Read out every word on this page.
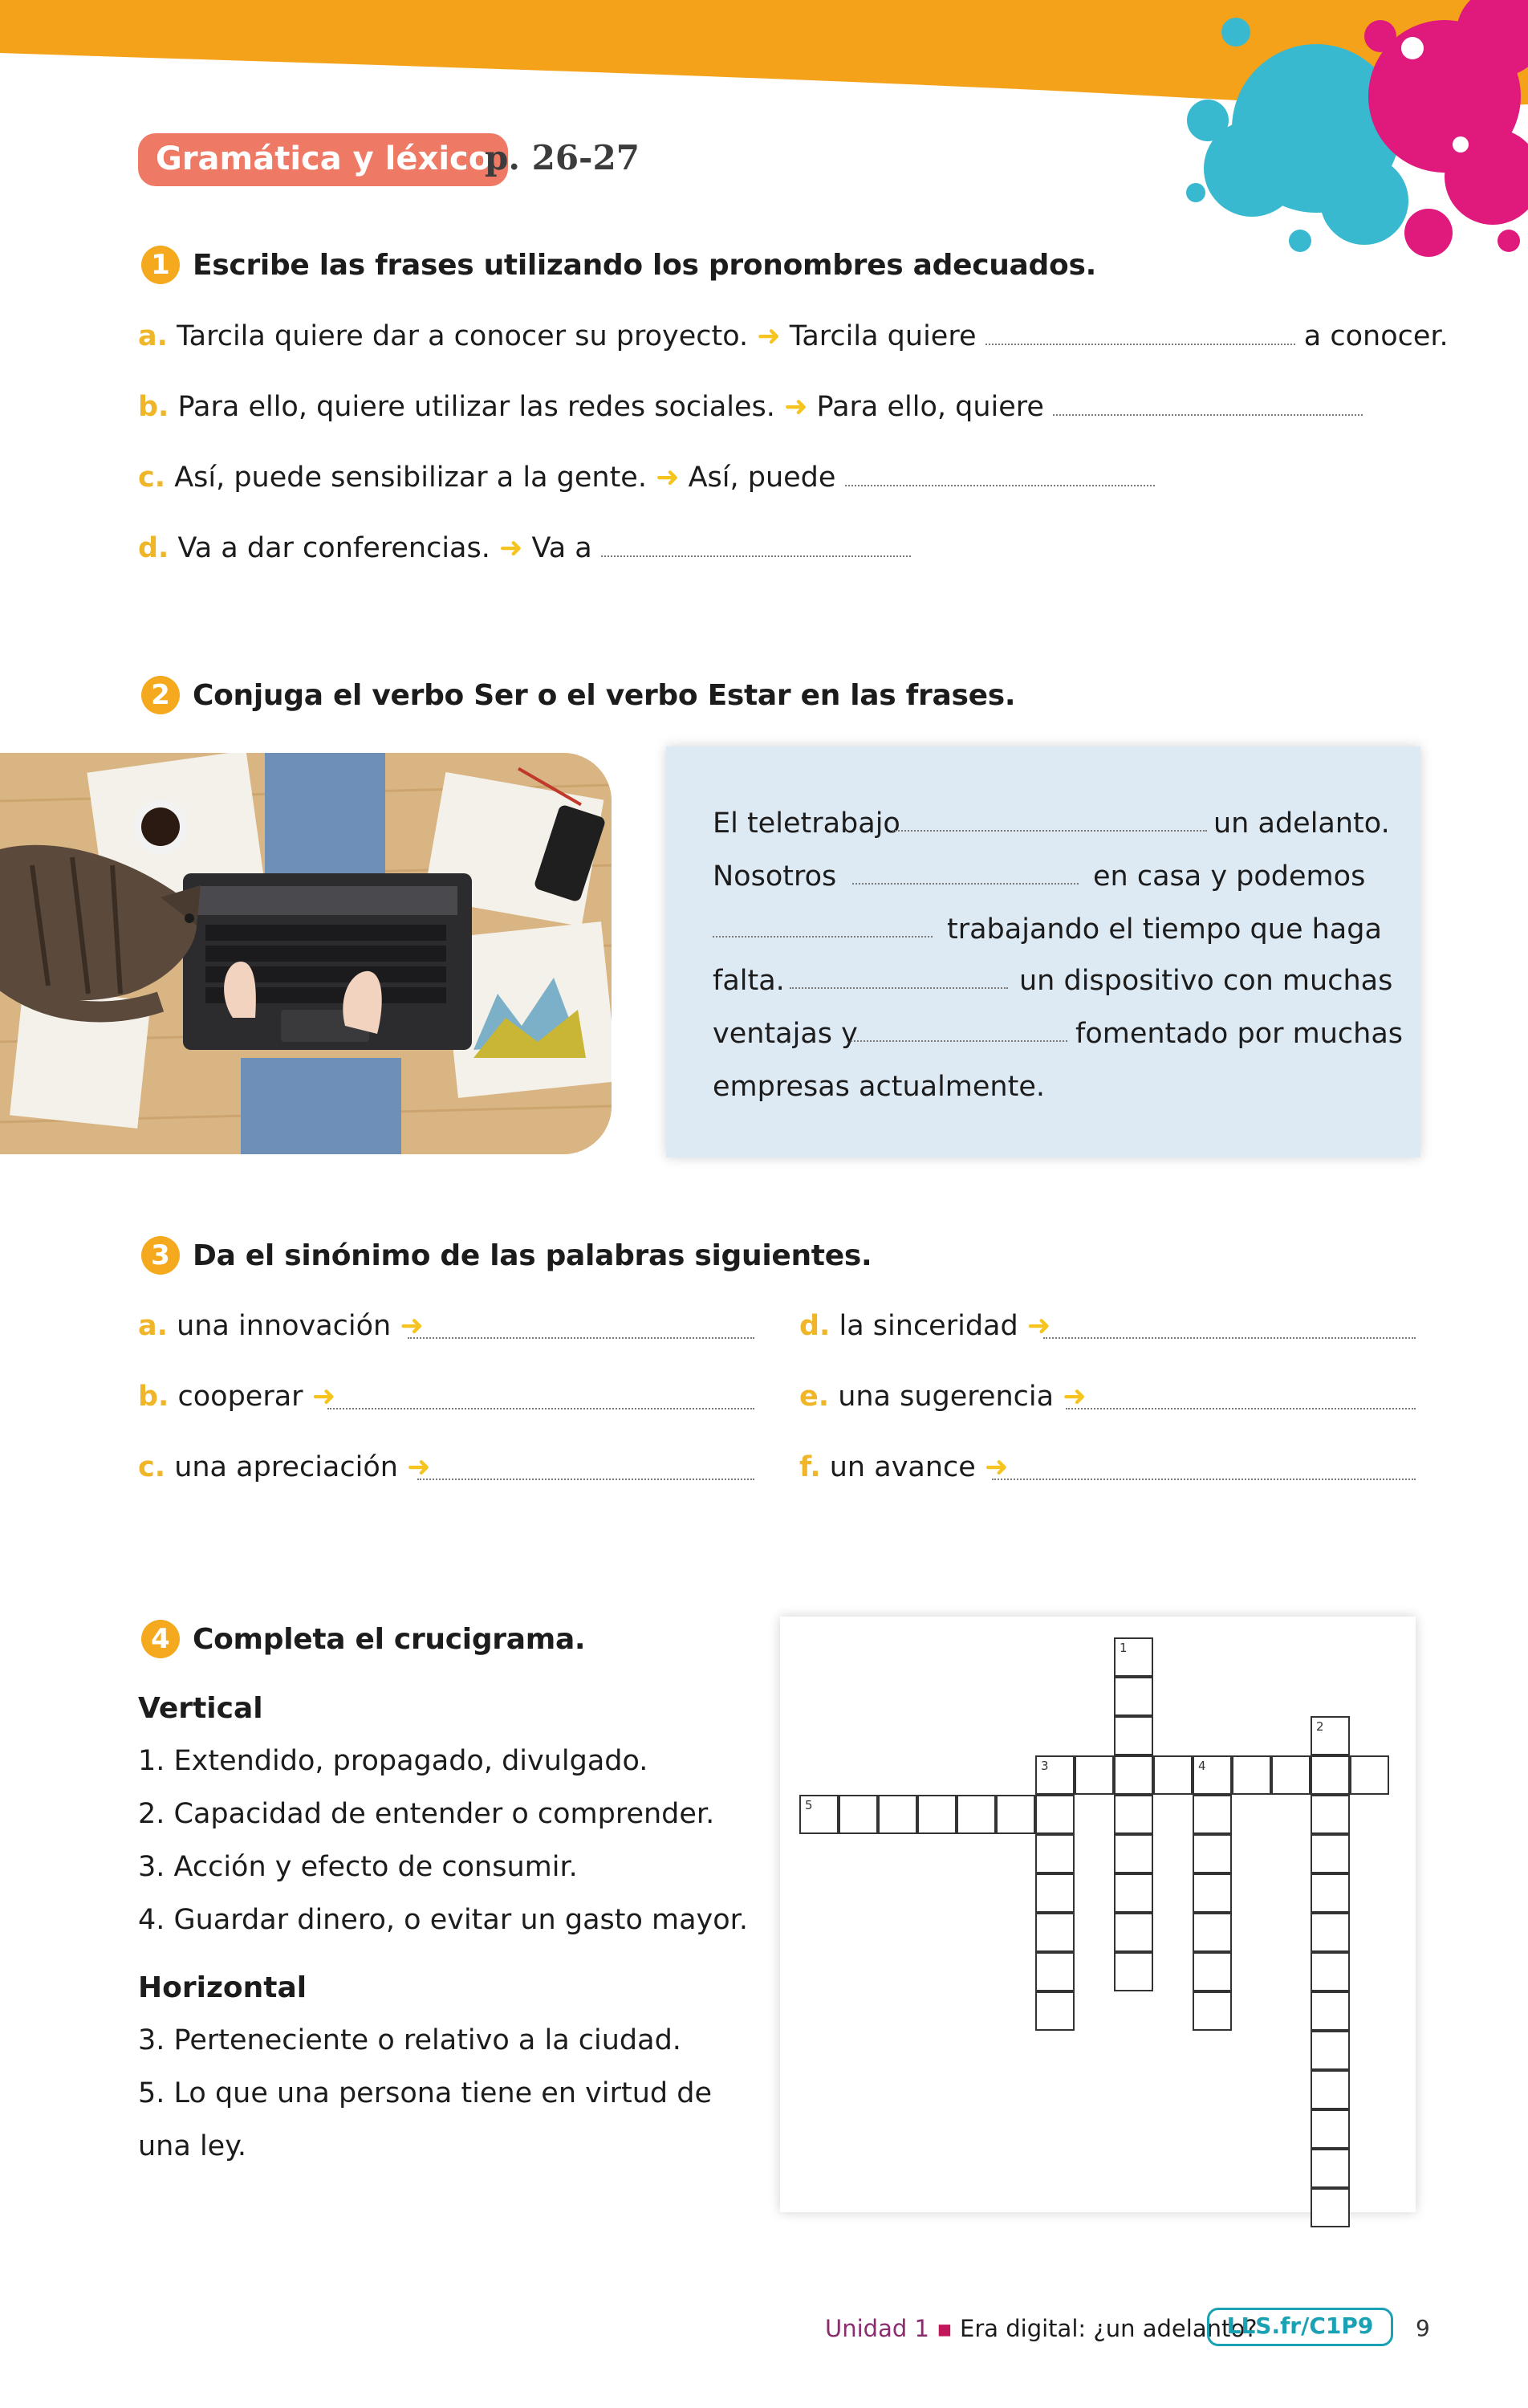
Gramática y léxico
p. 26-27
1 Escribe las frases utilizando los pronombres adecuados.
a. Tarcila quiere dar a conocer su proyecto. ➜ Tarcila quiere	a conocer.
b. Para ello, quiere utilizar las redes sociales. ➜ Para ello, quiere
c. Así, puede sensibilizar a la gente. ➜ Así, puede
d. Va a dar conferencias. ➜ Va a
2 Conjuga el verbo Ser o el verbo Estar en las frases.
El teletrabajo	un adelanto.
Nosotros	en casa y podemos
trabajando el tiempo que haga
falta.	un dispositivo con muchas
ventajas y	fomentado por muchas
empresas actualmente.
3 Da el sinónimo de las palabras siguientes.
a. una innovación ➜
b. cooperar ➜
c. una apreciación ➜
d. la sinceridad ➜
e. una sugerencia ➜
f. un avance ➜
4 Completa el crucigrama.
Vertical
1. Extendido, propagado, divulgado.
2. Capacidad de entender o comprender.
3. Acción y efecto de consumir.
4. Guardar dinero, o evitar un gasto mayor.
Horizontal
3. Perteneciente o relativo a la ciudad.
5. Lo que una persona tiene en virtud de
una ley.
1
2
3	4
5
Unidad 1 ▪ Era digital: ¿un adelanto?
LLS.fr/C1P9	9
